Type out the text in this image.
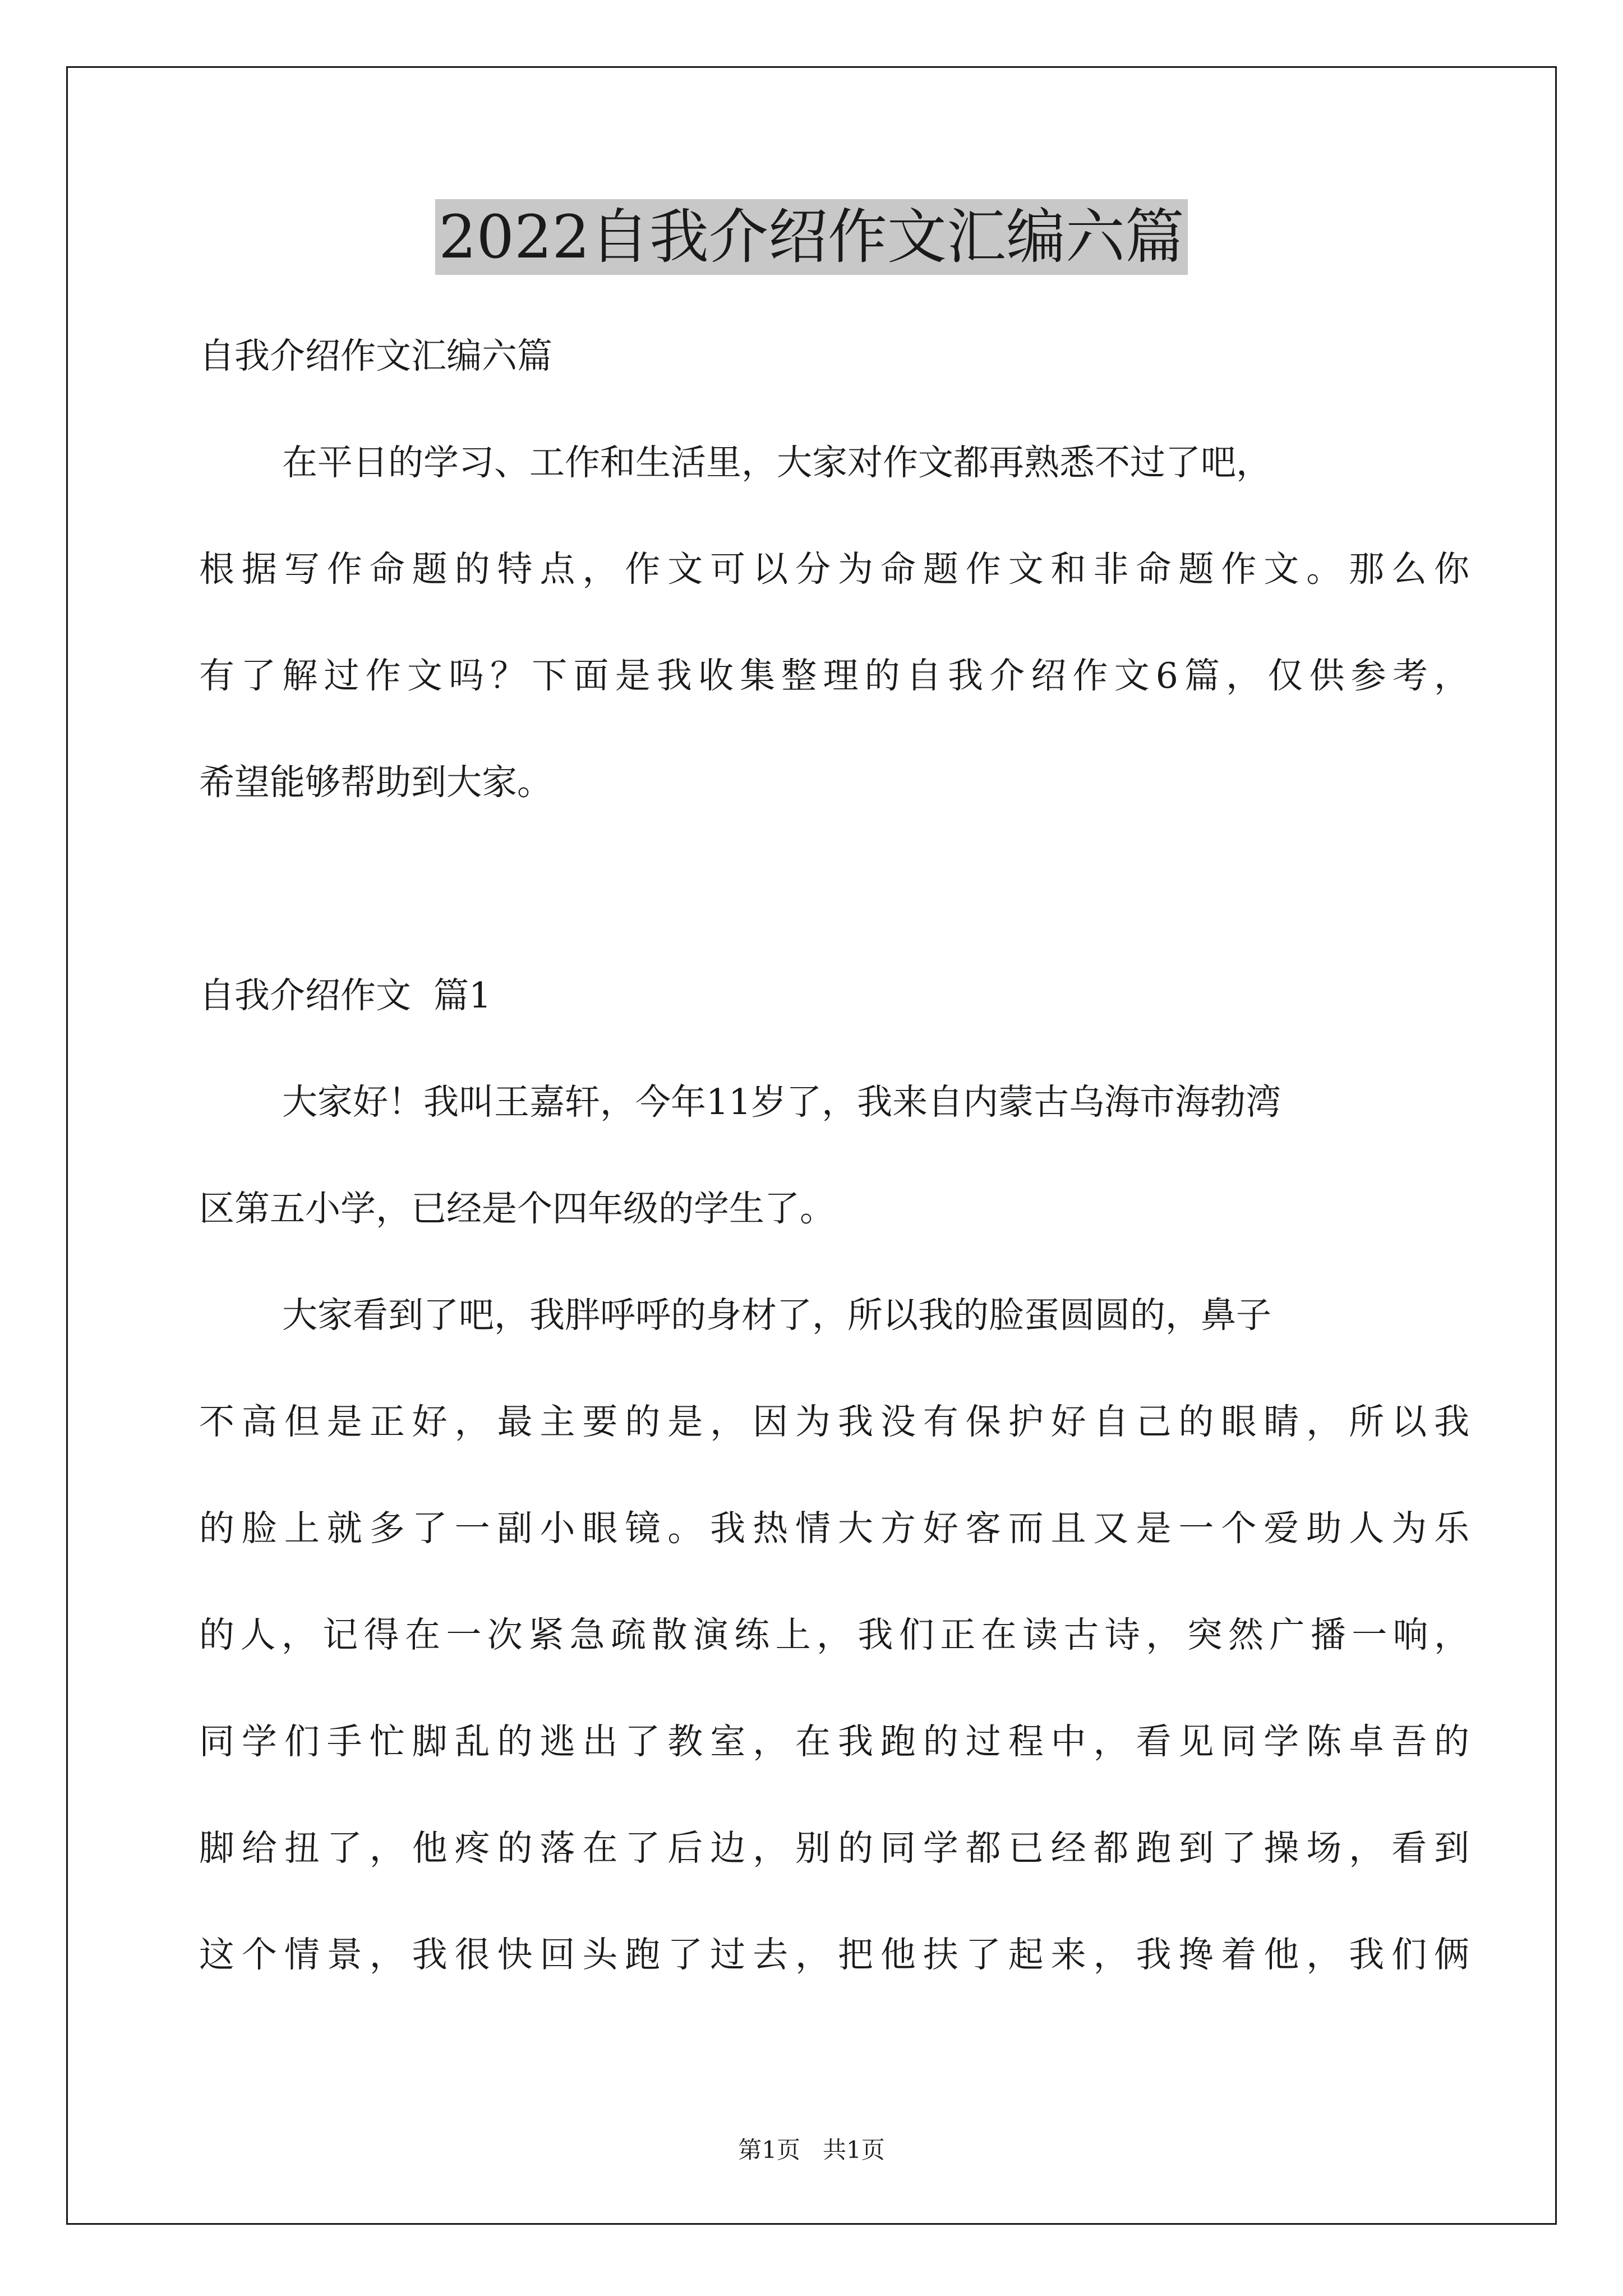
2022自我介绍作文汇编六篇
自我介绍作文汇编六篇
在平日的学习、工作和生活里，大家对作文都再熟悉不过了吧，
根据写作命题的特点，作文可以分为命题作文和非命题作文。那么你
有了解过作文吗？下面是我收集整理的自我介绍作文6篇，仅供参考，
希望能够帮助到大家。
自我介绍作文  篇1
大家好！我叫王嘉轩，今年11岁了，我来自内蒙古乌海市海勃湾
区第五小学，已经是个四年级的学生了。
大家看到了吧，我胖呼呼的身材了，所以我的脸蛋圆圆的，鼻子
不高但是正好，最主要的是，因为我没有保护好自己的眼睛，所以我
的脸上就多了一副小眼镜。我热情大方好客而且又是一个爱助人为乐
的人，记得在一次紧急疏散演练上，我们正在读古诗，突然广播一响，
同学们手忙脚乱的逃出了教室，在我跑的过程中，看见同学陈卓吾的
脚给扭了，他疼的落在了后边，别的同学都已经都跑到了操场，看到
这个情景，我很快回头跑了过去，把他扶了起来，我搀着他，我们俩
第1页   共1页
